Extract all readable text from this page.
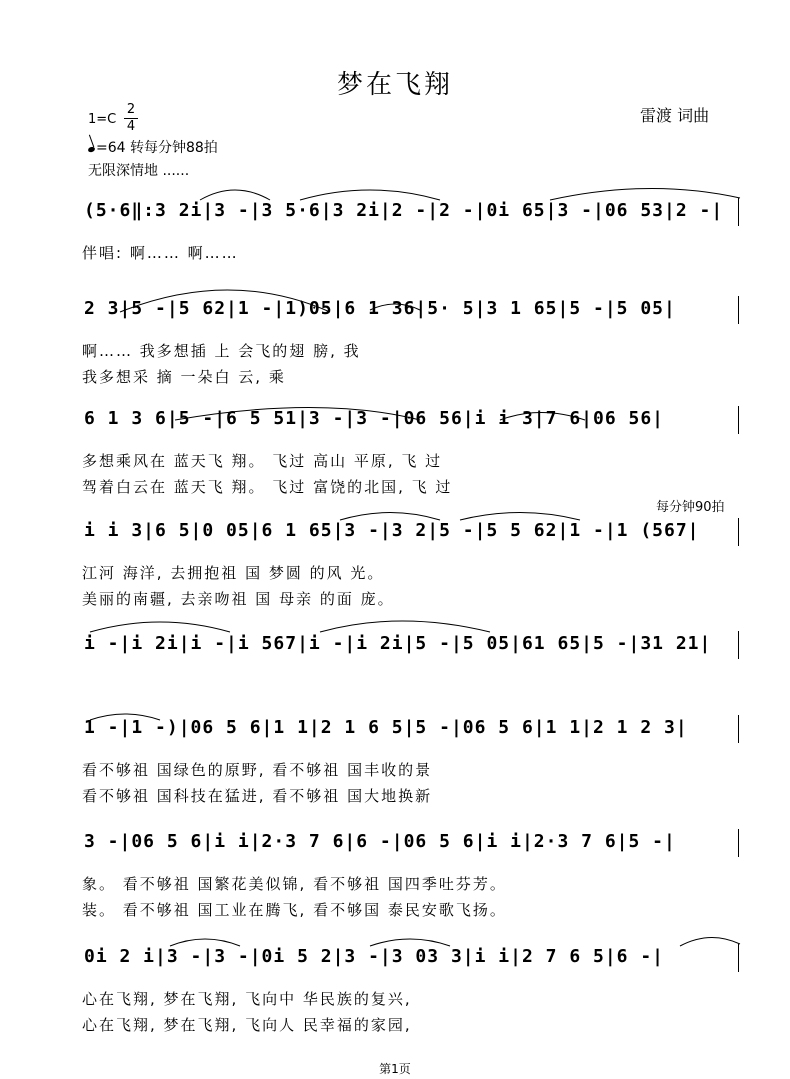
梦在飞翔
雷渡 词曲
$1=C \frac{2}{4}$
=64 转每分钟88拍
无限深情地 ......
每分钟90拍
(5·6‖:3 2i|3 -|3 5·6|3 2i|2 -|2 -|0i 65|3 -|06 53|2 -|
伴唱: 啊…… 啊……
2 3|5 -|5 62|1 -|1)05|6 1 36|5· 5|3 1 65|5 -|5 05|
啊…… 我多想插 上 会飞的翅 膀, 我
我多想采 摘 一朵白 云, 乘
6 1 3 6|5 -|6 5 51|3 -|3 -|06 56|i i 3|7 6|06 56|
多想乘风在 蓝天飞 翔。 飞过 高山 平原, 飞 过
驾着白云在 蓝天飞 翔。 飞过 富饶的北国, 飞 过
i i 3|6 5|0 05|6 1 65|3 -|3 2|5 -|5 5 62|1 -|1 (567|
江河 海洋, 去拥抱祖 国 梦圆 的风 光。
美丽的南疆, 去亲吻祖 国 母亲 的面 庞。
i -|i 2i|i -|i 567|i -|i 2i|5 -|5 05|61 65|5 -|31 21|
1 -|1 -)|06 5 6|1 1|2 1 6 5|5 -|06 5 6|1 1|2 1 2 3|
看不够祖 国绿色的原野, 看不够祖 国丰收的景
看不够祖 国科技在猛进, 看不够祖 国大地换新
3 -|06 5 6|i i|2·3 7 6|6 -|06 5 6|i i|2·3 7 6|5 -|
象。 看不够祖 国繁花美似锦, 看不够祖 国四季吐芬芳。
装。 看不够祖 国工业在腾飞, 看不够国 泰民安歌飞扬。
0i 2 i|3 -|3 -|0i 5 2|3 -|3 03 3|i i|2 7 6 5|6 -|
心在飞翔, 梦在飞翔, 飞向中 华民族的复兴,
心在飞翔, 梦在飞翔, 飞向人 民幸福的家园,
第1页
